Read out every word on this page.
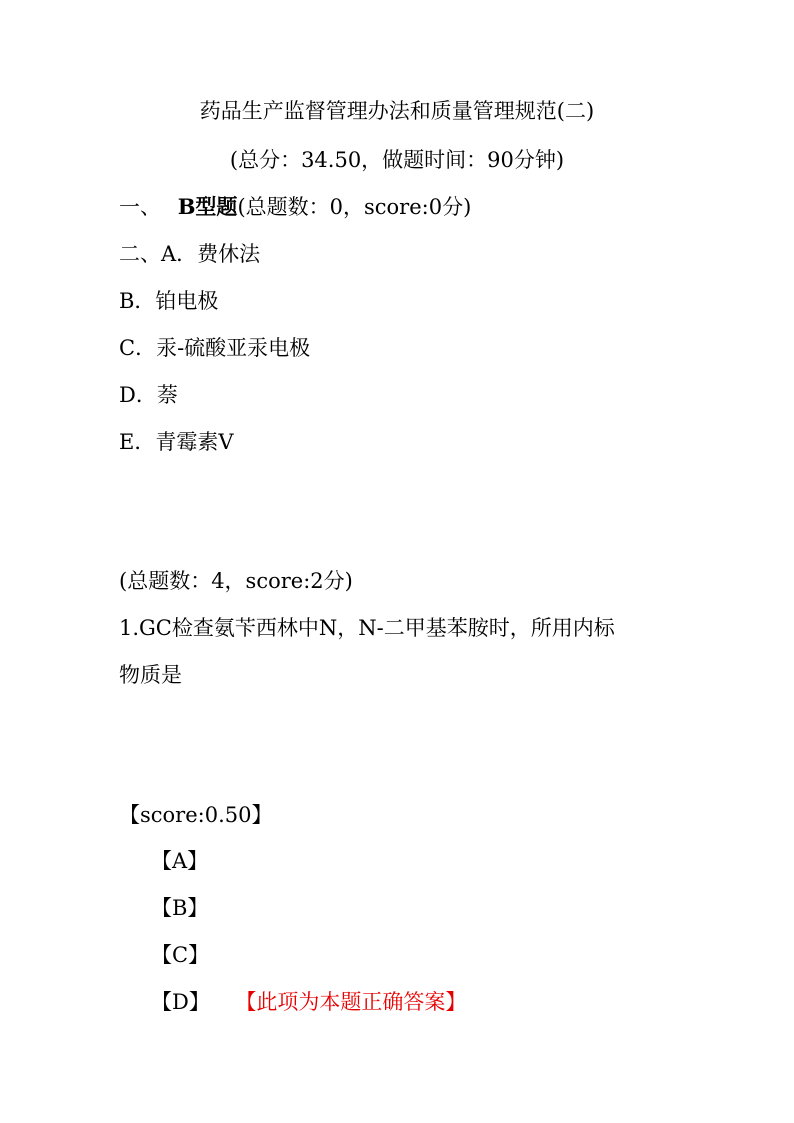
药品生产监督管理办法和质量管理规范(二)
(总分：34.50，做题时间：90分钟)
一、 B型题(总题数：0，score:0分)
二、A．费休法
B．铂电极
C．汞-硫酸亚汞电极
D．萘
E．青霉素V
(总题数：4，score:2分)
1.GC检查氨苄西林中N，N-二甲基苯胺时，所用内标
物质是
【score:0.50】
【A】
【B】
【C】
【D】 【此项为本题正确答案】
